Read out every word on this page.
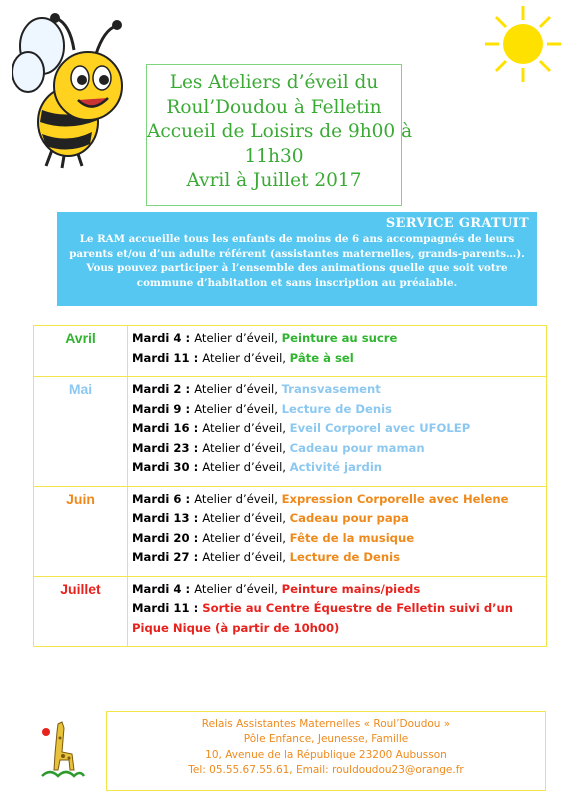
Les Ateliers d’éveil du
Roul’Doudou à Felletin
Accueil de Loisirs de 9h00 à
11h30
Avril à Juillet 2017
SERVICE GRATUIT
Le RAM accueille tous les enfants de moins de 6 ans accompagnés de leurs
parents et/ou d’un adulte référent (assistantes maternelles, grands-parents…).
Vous pouvez participer à l’ensemble des animations quelle que soit votre
commune d’habitation et sans inscription au préalable.
Avril	Mardi 4 : Atelier d’éveil, Peinture au sucre
Mardi 11 : Atelier d’éveil, Pâte à sel

Mai	Mardi 2 : Atelier d’éveil, Transvasement
Mardi 9 : Atelier d’éveil, Lecture de Denis
Mardi 16 : Atelier d’éveil, Eveil Corporel avec UFOLEP
Mardi 23 : Atelier d’éveil, Cadeau pour maman
Mardi 30 : Atelier d’éveil, Activité jardin

Juin	Mardi 6 : Atelier d’éveil, Expression Corporelle avec Helene
Mardi 13 : Atelier d’éveil, Cadeau pour papa
Mardi 20 : Atelier d’éveil, Fête de la musique
Mardi 27 : Atelier d’éveil, Lecture de Denis

Juillet	Mardi 4 : Atelier d’éveil, Peinture mains/pieds
Mardi 11 : Sortie au Centre Équestre de Felletin suivi d’un Pique Nique (à partir de 10h00)
Relais Assistantes Maternelles « Roul’Doudou »
Pôle Enfance, Jeunesse, Famille
10, Avenue de la République 23200 Aubusson
Tel: 05.55.67.55.61, Email: rouldoudou23@orange.fr
